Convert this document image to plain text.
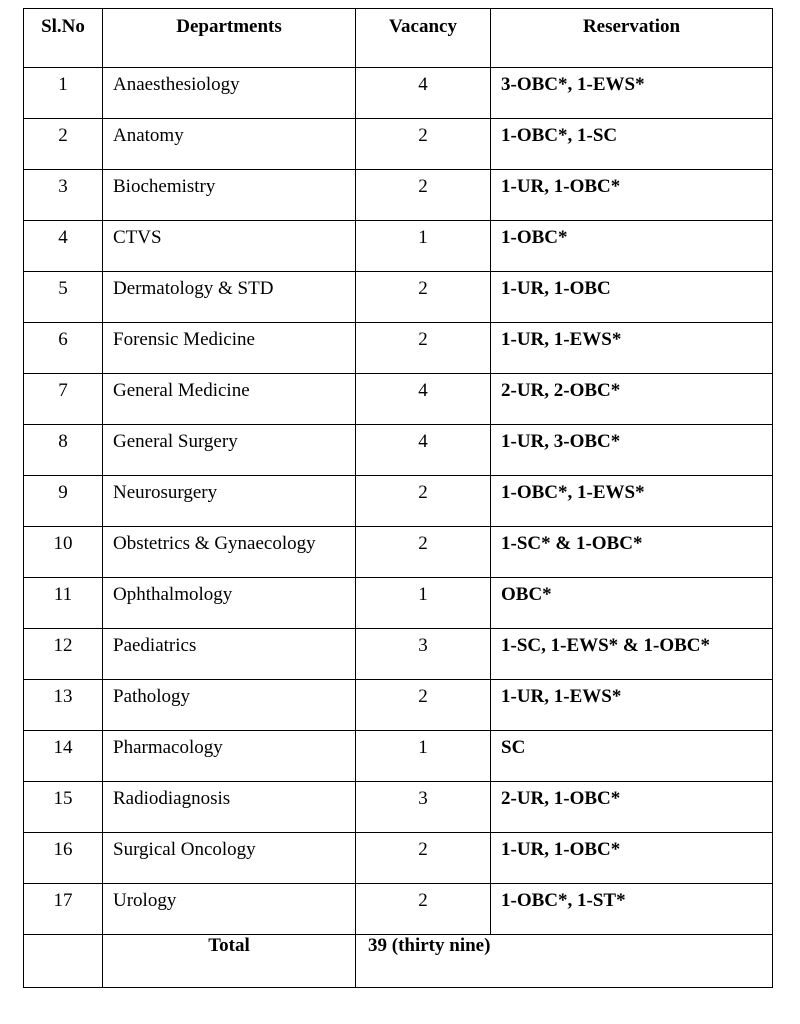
Sl.No	Departments	Vacancy	Reservation
1	Anaesthesiology	4	3-OBC*, 1-EWS*
2	Anatomy	2	1-OBC*, 1-SC
3	Biochemistry	2	1-UR, 1-OBC*
4	CTVS	1	1-OBC*
5	Dermatology & STD	2	1-UR, 1-OBC
6	Forensic Medicine	2	1-UR, 1-EWS*
7	General Medicine	4	2-UR, 2-OBC*
8	General Surgery	4	1-UR, 3-OBC*
9	Neurosurgery	2	1-OBC*, 1-EWS*
10	Obstetrics & Gynaecology	2	1-SC* & 1-OBC*
11	Ophthalmology	1	OBC*
12	Paediatrics	3	1-SC, 1-EWS* & 1-OBC*
13	Pathology	2	1-UR, 1-EWS*
14	Pharmacology	1	SC
15	Radiodiagnosis	3	2-UR, 1-OBC*
16	Surgical Oncology	2	1-UR, 1-OBC*
17	Urology	2	1-OBC*, 1-ST*
	Total	39 (thirty nine)	
